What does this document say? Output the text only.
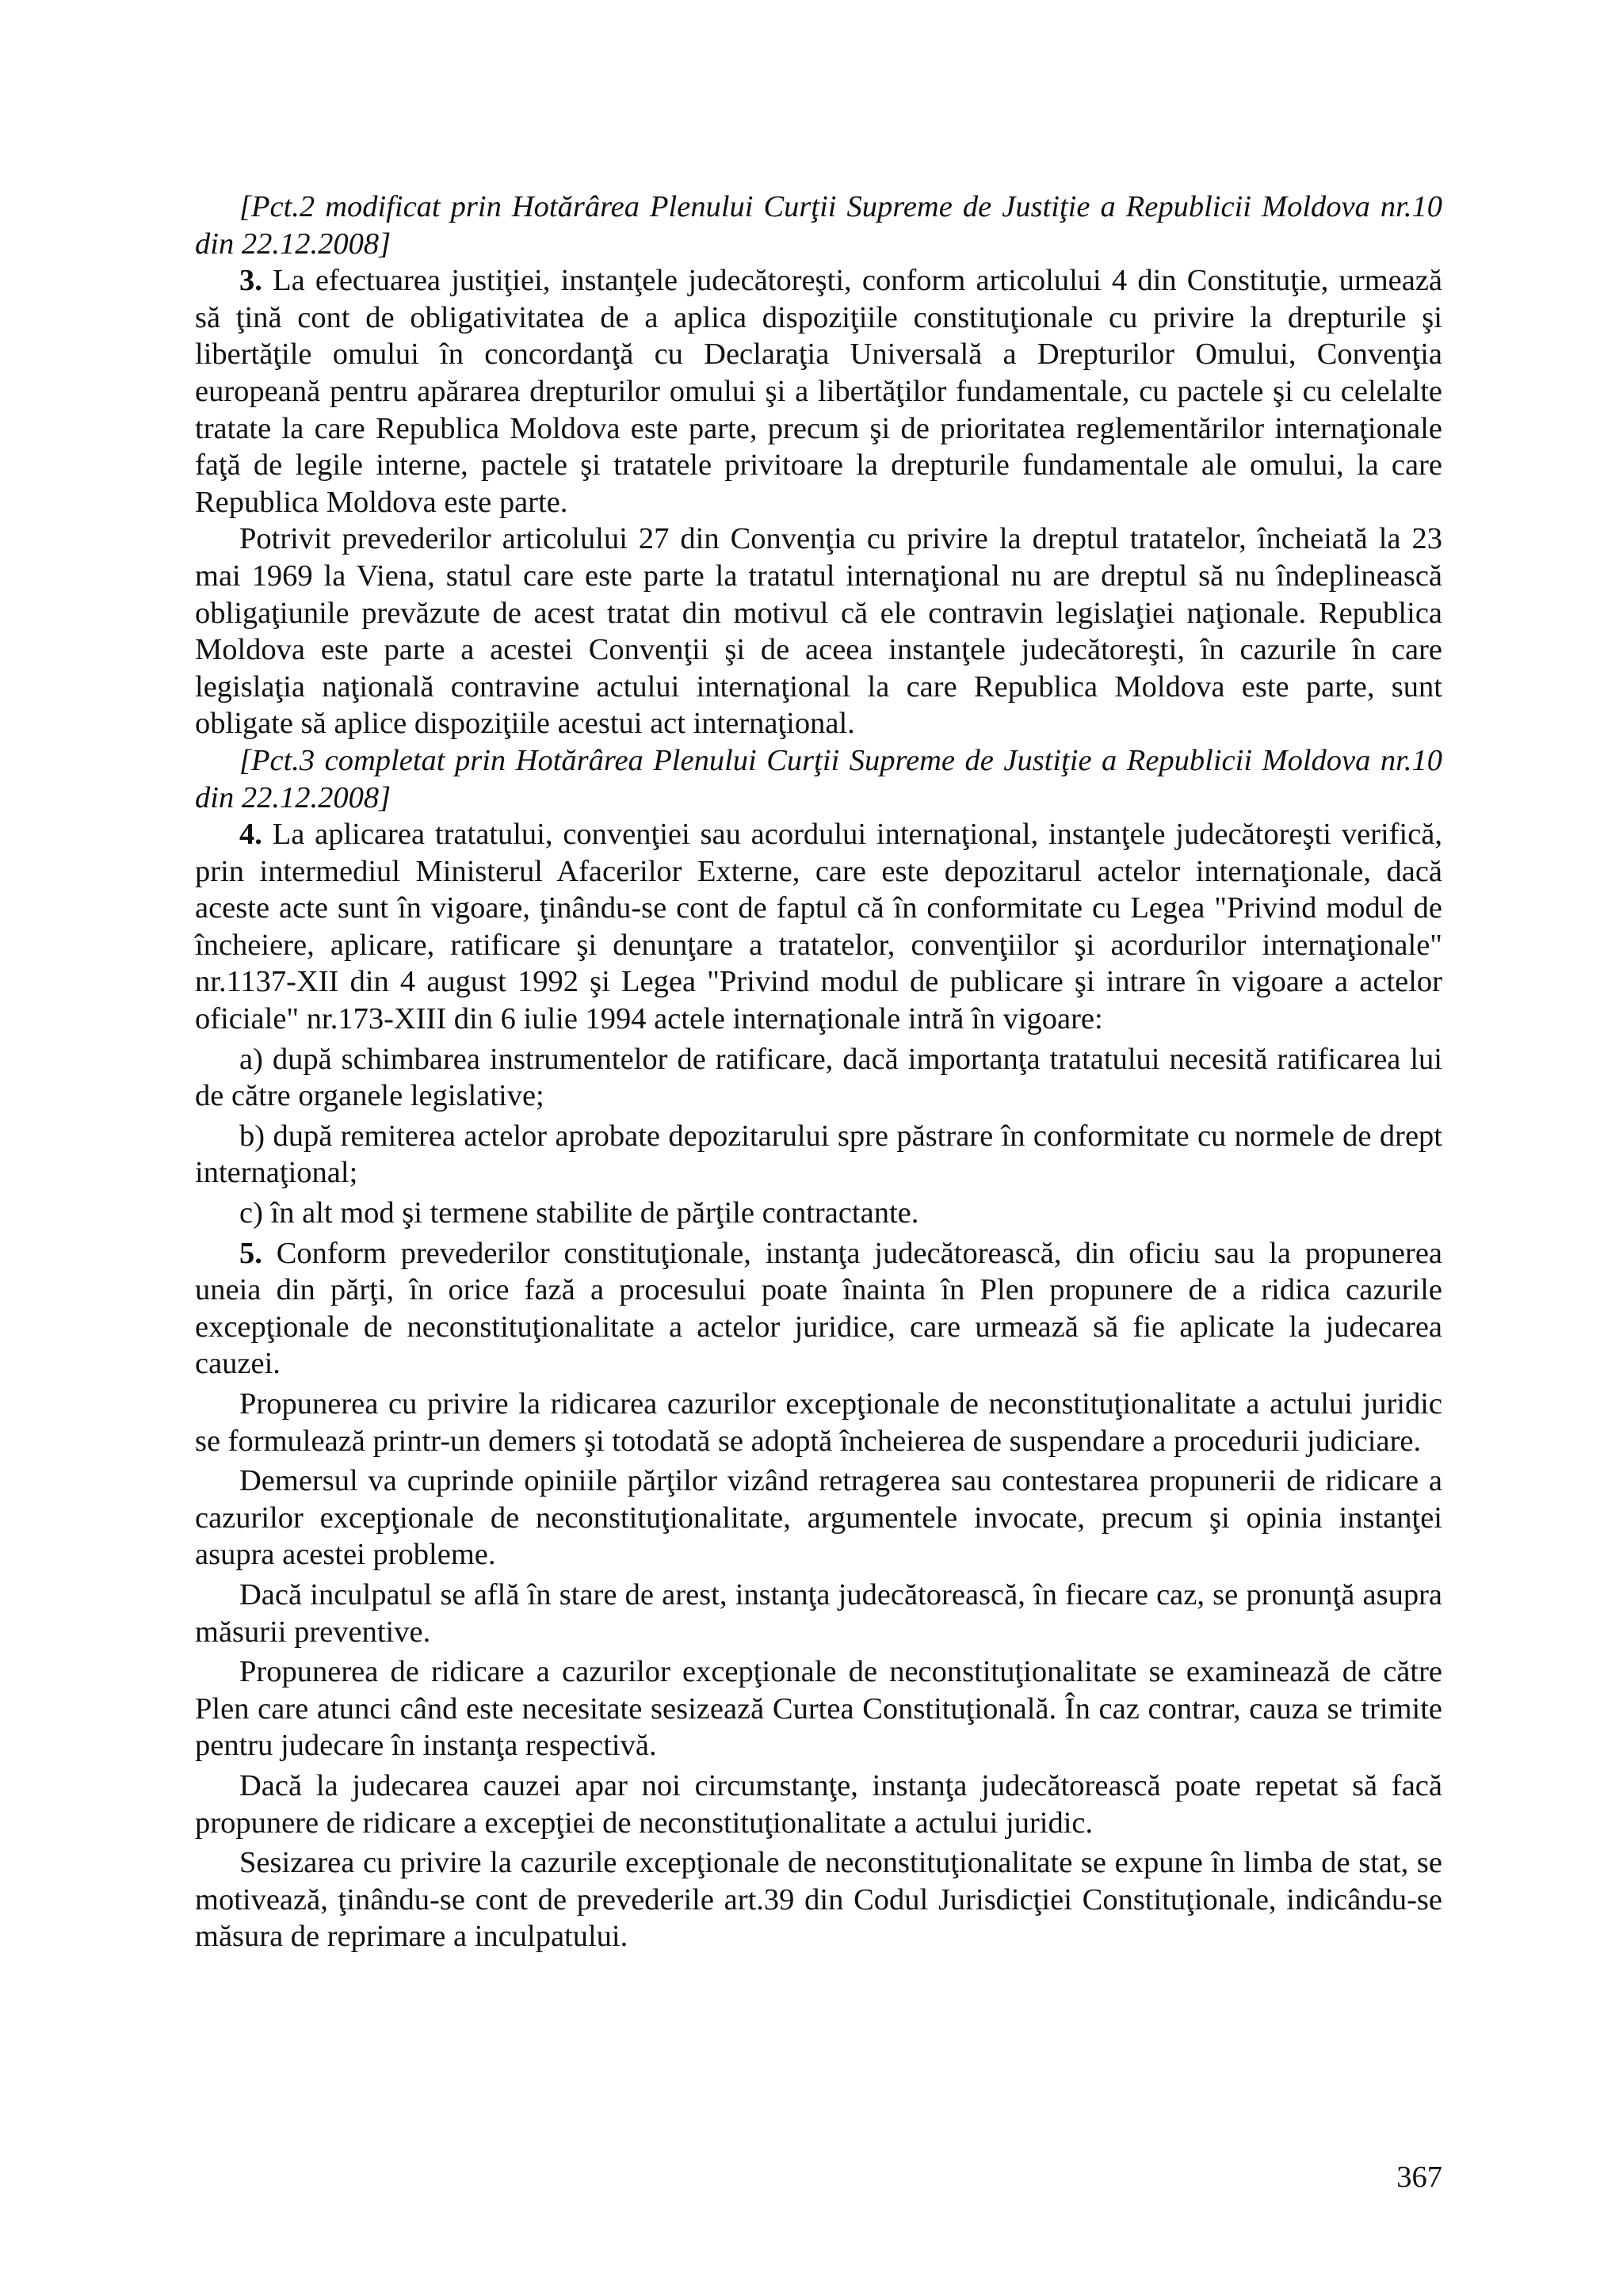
[Pct.2 modificat prin Hotărârea Plenului Curţii Supreme de Justiţie a Republicii Moldova nr.10 din 22.12.2008]

3. La efectuarea justiţiei, instanţele judecătoreşti, conform articolului 4 din Constituţie, urmează să ţină cont de obligativitatea de a aplica dispoziţiile constituţionale cu privire la drepturile şi libertăţile omului în concordanţă cu Declaraţia Universală a Drepturilor Omului, Convenţia europeană pentru apărarea drepturilor omului şi a libertăţilor fundamentale, cu pactele şi cu celelalte tratate la care Republica Moldova este parte, precum şi de prioritatea reglementărilor internaţionale faţă de legile interne, pactele şi tratatele privitoare la drepturile fundamentale ale omului, la care Republica Moldova este parte.

Potrivit prevederilor articolului 27 din Convenţia cu privire la dreptul tratatelor, încheiată la 23 mai 1969 la Viena, statul care este parte la tratatul internaţional nu are dreptul să nu îndeplinească obligaţiunile prevăzute de acest tratat din motivul că ele contravin legislaţiei naţionale. Republica Moldova este parte a acestei Convenţii şi de aceea instanţele judecătoreşti, în cazurile în care legislaţia naţională contravine actului internaţional la care Republica Moldova este parte, sunt obligate să aplice dispoziţiile acestui act internaţional.

[Pct.3 completat prin Hotărârea Plenului Curţii Supreme de Justiţie a Republicii Moldova nr.10 din 22.12.2008]

4. La aplicarea tratatului, convenţiei sau acordului internaţional, instanţele judecătoreşti verifică, prin intermediul Ministerul Afacerilor Externe, care este depozitarul actelor internaţionale, dacă aceste acte sunt în vigoare, ţinându-se cont de faptul că în conformitate cu Legea "Privind modul de încheiere, aplicare, ratificare şi denunţare a tratatelor, convenţiilor şi acordurilor internaţionale" nr.1137-XII din 4 august 1992 şi Legea "Privind modul de publicare şi intrare în vigoare a actelor oficiale" nr.173-XIII din 6 iulie 1994 actele internaţionale intră în vigoare:

a) după schimbarea instrumentelor de ratificare, dacă importanţa tratatului necesită ratificarea lui de către organele legislative;

b) după remiterea actelor aprobate depozitarului spre păstrare în conformitate cu normele de drept internaţional;

c) în alt mod şi termene stabilite de părţile contractante.

5. Conform prevederilor constituţionale, instanţa judecătorească, din oficiu sau la propunerea uneia din părţi, în orice fază a procesului poate înainta în Plen propunere de a ridica cazurile excepţionale de neconstituţionalitate a actelor juridice, care urmează să fie aplicate la judecarea cauzei.

Propunerea cu privire la ridicarea cazurilor excepţionale de neconstituţionalitate a actului juridic se formulează printr-un demers şi totodată se adoptă încheierea de suspendare a procedurii judiciare.

Demersul va cuprinde opiniile părţilor vizând retragerea sau contestarea propunerii de ridicare a cazurilor excepţionale de neconstituţionalitate, argumentele invocate, precum şi opinia instanţei asupra acestei probleme.

Dacă inculpatul se află în stare de arest, instanţa judecătorească, în fiecare caz, se pronunţă asupra măsurii preventive.

Propunerea de ridicare a cazurilor excepţionale de neconstituţionalitate se examinează de către Plen care atunci când este necesitate sesizează Curtea Constituţională. În caz contrar, cauza se trimite pentru judecare în instanţa respectivă.

Dacă la judecarea cauzei apar noi circumstanţe, instanţa judecătorească poate repetat să facă propunere de ridicare a excepţiei de neconstituţionalitate a actului juridic.

Sesizarea cu privire la cazurile excepţionale de neconstituţionalitate se expune în limba de stat, se motivează, ţinându-se cont de prevederile art.39 din Codul Jurisdicţiei Constituţionale, indicându-se măsura de reprimare a inculpatului.

367
